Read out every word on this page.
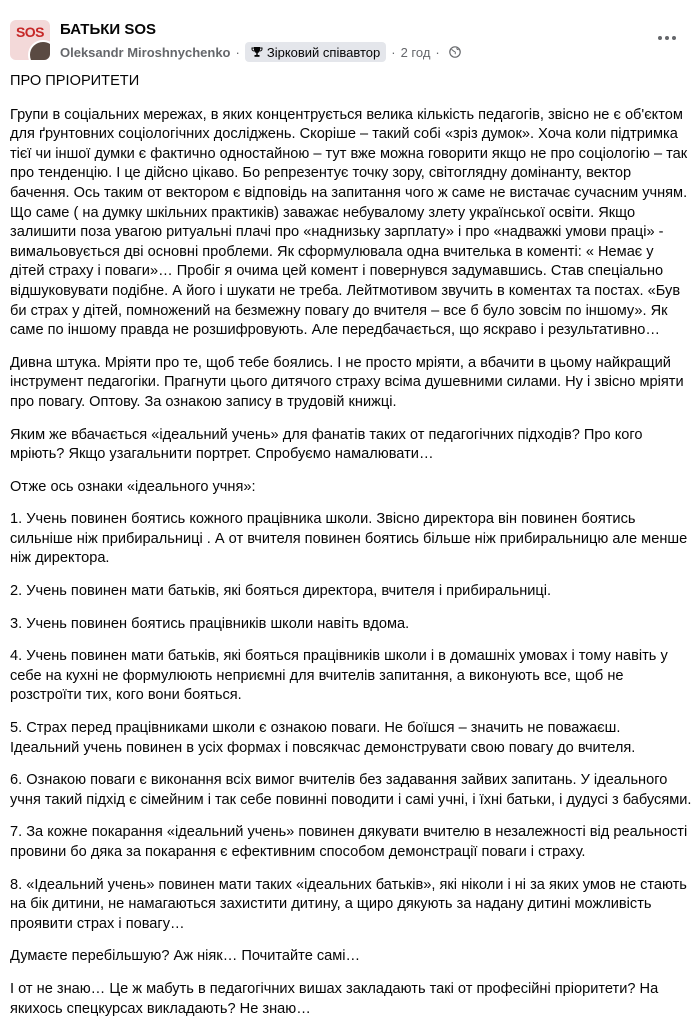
SOS БАТЬКИ SOS
Oleksandr Miroshnychenko · Зірковий співавтор · 2 год ·

ПРО ПРІОРИТЕТИ

Групи в соціальних мережах, в яких концентрується велика кількість педагогів, звісно не є об'єктом для ґрунтовних соціологічних досліджень. Скоріше – такий собі «зріз думок». Хоча коли підтримка тієї чи іншої думки є фактично одностайною – тут вже можна говорити якщо не про соціологію – так про тенденцію. І це дійсно цікаво. Бо репрезентує точку зору, світоглядну домінанту, вектор бачення. Ось таким от вектором є відповідь на запитання чого ж саме не вистачає сучасним учням. Що саме ( на думку шкільних практиків) заважає небувалому злету української освіти. Якщо залишити поза увагою ритуальні плачі про «наднизьку зарплату» і про «надважкі умови праці» - вимальовується дві основні проблеми. Як сформулювала одна вчителька в коменті: « Немає у дітей страху і поваги»… Пробіг я очима цей комент і повернувся задумавшись. Став спеціально відшуковувати подібне. А його і шукати не треба. Лейтмотивом звучить в коментах та постах. «Був би страх у дітей, помножений на безмежну повагу до вчителя – все б було зовсім по іншому». Як саме по іншому правда не розшифровують. Але передбачається, що яскраво і результативно…

Дивна штука. Мріяти про те, щоб тебе боялись. І не просто мріяти, а вбачити в цьому найкращий інструмент педагогіки. Прагнути цього дитячого страху всіма душевними силами. Ну і звісно мріяти про повагу. Оптову. За ознакою запису в трудовій книжці.

Яким же вбачається «ідеальний учень» для фанатів таких от педагогічних підходів? Про кого мріють? Якщо узагальнити портрет. Спробуємо намалювати…

Отже ось ознаки «ідеального учня»:

1. Учень повинен боятись кожного працівника школи. Звісно директора він повинен боятись сильніше ніж прибиральниці . А от вчителя повинен боятись більше ніж прибиральницю але менше ніж директора.

2. Учень повинен мати батьків, які бояться директора, вчителя і прибиральниці.

3. Учень повинен боятись працівників школи навіть вдома.

4. Учень повинен мати батьків, які бояться працівників школи і в домашніх умовах і тому навіть у себе на кухні не формулюють неприємні для вчителів запитання, а виконують все, щоб не розстроїти тих, кого вони бояться.

5. Страх перед працівниками школи є ознакою поваги. Не боїшся – значить не поважаєш. Ідеальний учень повинен в усіх формах і повсякчас демонструвати свою повагу до вчителя.

6. Ознакою поваги є виконання всіх вимог вчителів без задавання зайвих запитань. У ідеального учня такий підхід є сімейним і так себе повинні поводити і самі учні, і їхні батьки, і дудусі з бабусями.

7. За кожне покарання «ідеальний учень» повинен дякувати вчителю в незалежності від реальності провини бо дяка за покарання є ефективним способом демонстрації поваги і страху.

8. «Ідеальний учень» повинен мати таких «ідеальних батьків», які ніколи і ні за яких умов не стають на бік дитини, не намагаються захистити дитину, а щиро дякують за надану дитині можливість проявити страх і повагу…

Думаєте перебільшую? Аж ніяк… Почитайте самі…

І от не знаю… Це ж мабуть в педагогічних вишах закладають такі от професійні пріоритети? На якихось спецкурсах викладають? Не знаю…
